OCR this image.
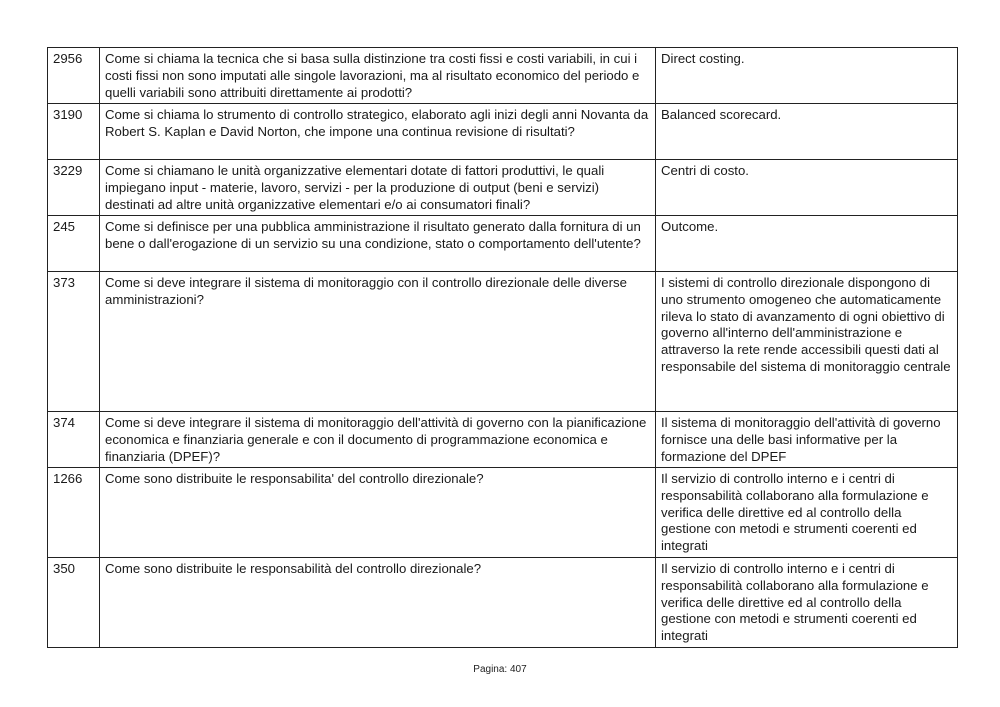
2956	Come si chiama la tecnica che si basa sulla distinzione tra costi fissi e costi variabili, in cui i costi fissi non sono imputati alle singole lavorazioni, ma al risultato economico del periodo e quelli variabili sono attribuiti direttamente ai prodotti?	Direct costing.
3190	Come si chiama lo strumento di controllo strategico, elaborato agli inizi degli anni Novanta da Robert S. Kaplan e David Norton, che impone una continua revisione di risultati?	Balanced scorecard.
3229	Come si chiamano le unità organizzative elementari dotate di fattori produttivi, le quali impiegano input - materie, lavoro, servizi - per la produzione di output (beni e servizi) destinati ad altre unità organizzative elementari e/o ai consumatori finali?	Centri di costo.
245	Come si definisce per una pubblica amministrazione il risultato generato dalla fornitura di un bene o dall'erogazione di un servizio su una condizione, stato o comportamento dell'utente?	Outcome.
373	Come si deve integrare il sistema di monitoraggio con il controllo direzionale delle diverse amministrazioni?	I sistemi di controllo direzionale dispongono di uno strumento omogeneo che automaticamente rileva lo stato di avanzamento di ogni obiettivo di governo all'interno dell'amministrazione e attraverso la rete rende accessibili questi dati al responsabile del sistema di monitoraggio centrale
374	Come si deve integrare il sistema di monitoraggio dell'attività di governo con la pianificazione economica e finanziaria generale e con il documento di programmazione economica e finanziaria (DPEF)?	Il sistema di monitoraggio dell'attività di governo fornisce una delle basi informative per la formazione del DPEF
1266	Come sono distribuite le responsabilita' del controllo direzionale?	Il servizio di controllo interno e i centri di responsabilità collaborano alla formulazione e verifica delle direttive ed al controllo della gestione con metodi e strumenti coerenti ed integrati
350	Come sono distribuite le responsabilità del controllo direzionale?	Il servizio di controllo interno e i centri di responsabilità collaborano alla formulazione e verifica delle direttive ed al controllo della gestione con metodi e strumenti coerenti ed integrati
Pagina: 407
